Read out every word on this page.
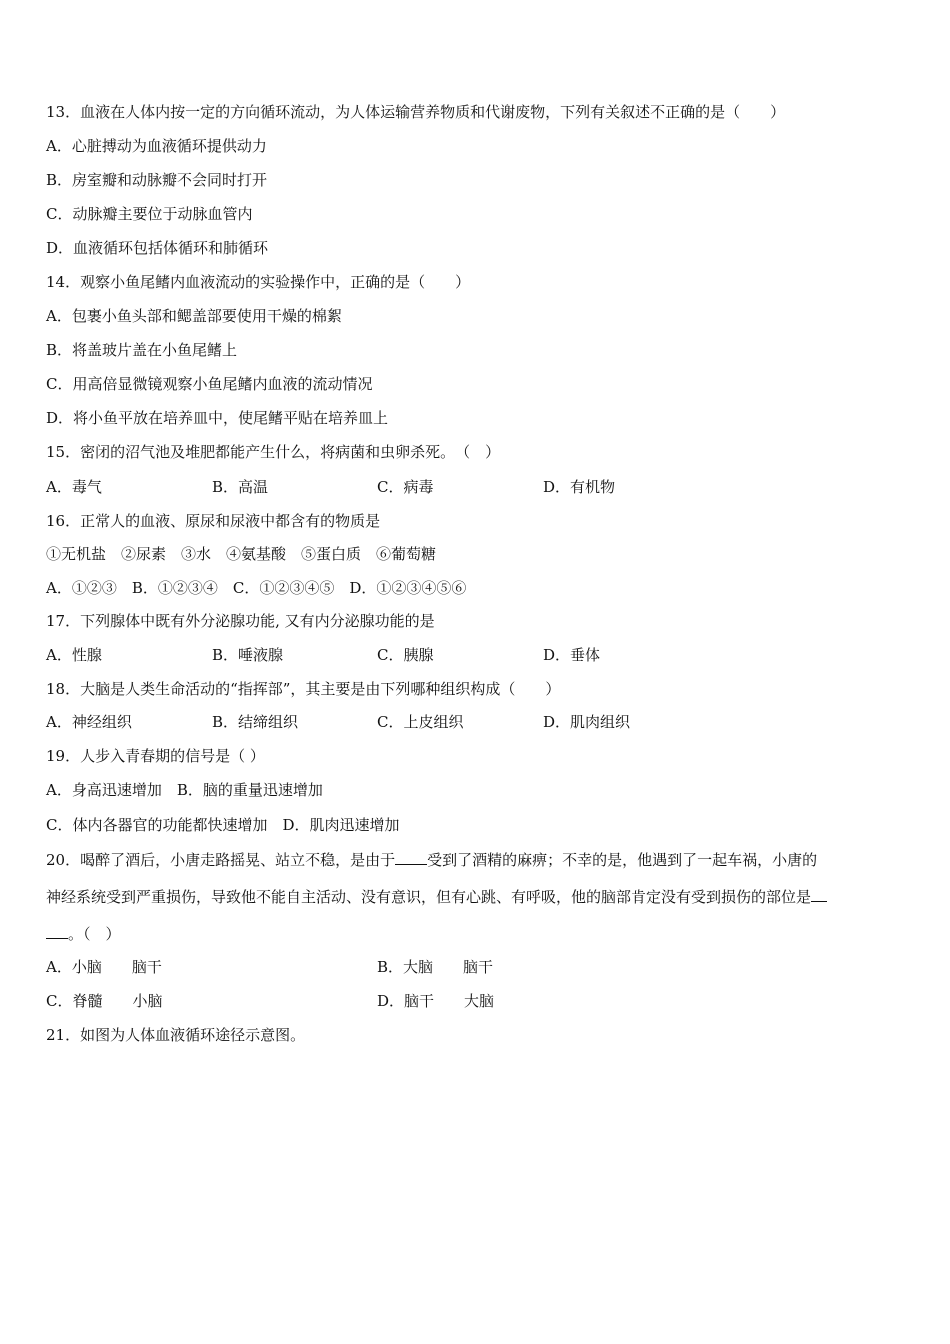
13．血液在人体内按一定的方向循环流动，为人体运输营养物质和代谢废物，下列有关叙述不正确的是（　　）
A．心脏搏动为血液循环提供动力
B．房室瓣和动脉瓣不会同时打开
C．动脉瓣主要位于动脉血管内
D．血液循环包括体循环和肺循环
14．观察小鱼尾鳍内血液流动的实验操作中，正确的是（　　）
A．包裹小鱼头部和鳃盖部要使用干燥的棉絮
B．将盖玻片盖在小鱼尾鳍上
C．用高倍显微镜观察小鱼尾鳍内血液的流动情况
D．将小鱼平放在培养皿中，使尾鳍平贴在培养皿上
15．密闭的沼气池及堆肥都能产生什么，将病菌和虫卵杀死。　（　）
A．毒气	B．高温	C．病毒	D．有机物
16．正常人的血液、原尿和尿液中都含有的物质是
①无机盐　②尿素　③水　④氨基酸　⑤蛋白质　⑥葡萄糖
A．①②③　B．①②③④　C．①②③④⑤　D．①②③④⑤⑥
17．下列腺体中既有外分泌腺功能, 又有内分泌腺功能的是
A．性腺	B．唾液腺	C．胰腺	D．垂体
18．大脑是人类生命活动的“指挥部”，其主要是由下列哪种组织构成（　　）
A．神经组织	B．结缔组织	C．上皮组织	D．肌肉组织
19．人步入青春期的信号是（ ）
A．身高迅速增加　B．脑的重量迅速增加
C．体内各器官的功能都快速增加　D．肌肉迅速增加
20．喝醉了酒后，小唐走路摇晃、站立不稳，是由于 受到了酒精的麻痹；不幸的是，他遇到了一起车祸，小唐的
神经系统受到严重损伤，导致他不能自主活动、没有意识，但有心跳、有呼吸，他的脑部肯定没有受到损伤的部位是
。（　）
A．小脑　　脑干	B．大脑　　脑干
C．脊髓　　小脑	D．脑干　　大脑
21．如图为人体血液循环途径示意图。
